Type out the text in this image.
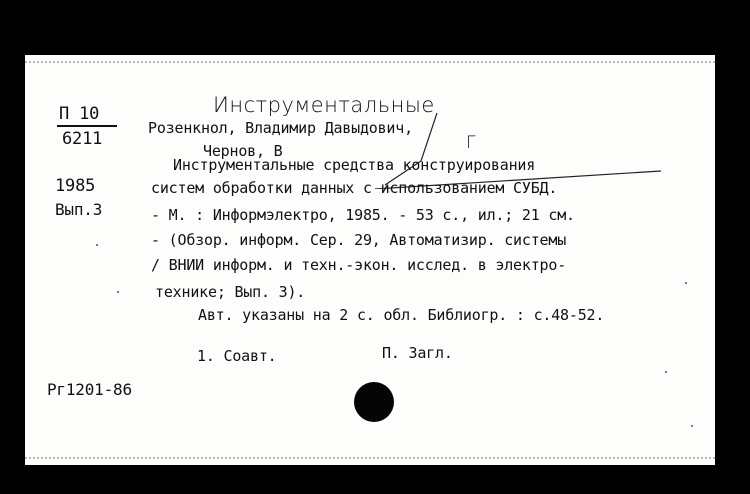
П 10
6211
1985
Вып.3
Инструментальные
Г
Розенкнол, Владимир Давыдович,
Чернов, В
Инструментальные средства конструирования
систем обработки данных с использованием СУБД.
- М. : Информэлектро, 1985. - 53 с., ил.; 21 см.
- (Обзор. информ. Сер. 29, Автоматизир. системы
/ ВНИИ информ. и техн.-экон. исслед. в электро-
технике; Вып. 3).
Авт. указаны на 2 с. обл. Библиогр. : с.48-52.
1. Соавт.	П. Загл.
Рг1201-86
